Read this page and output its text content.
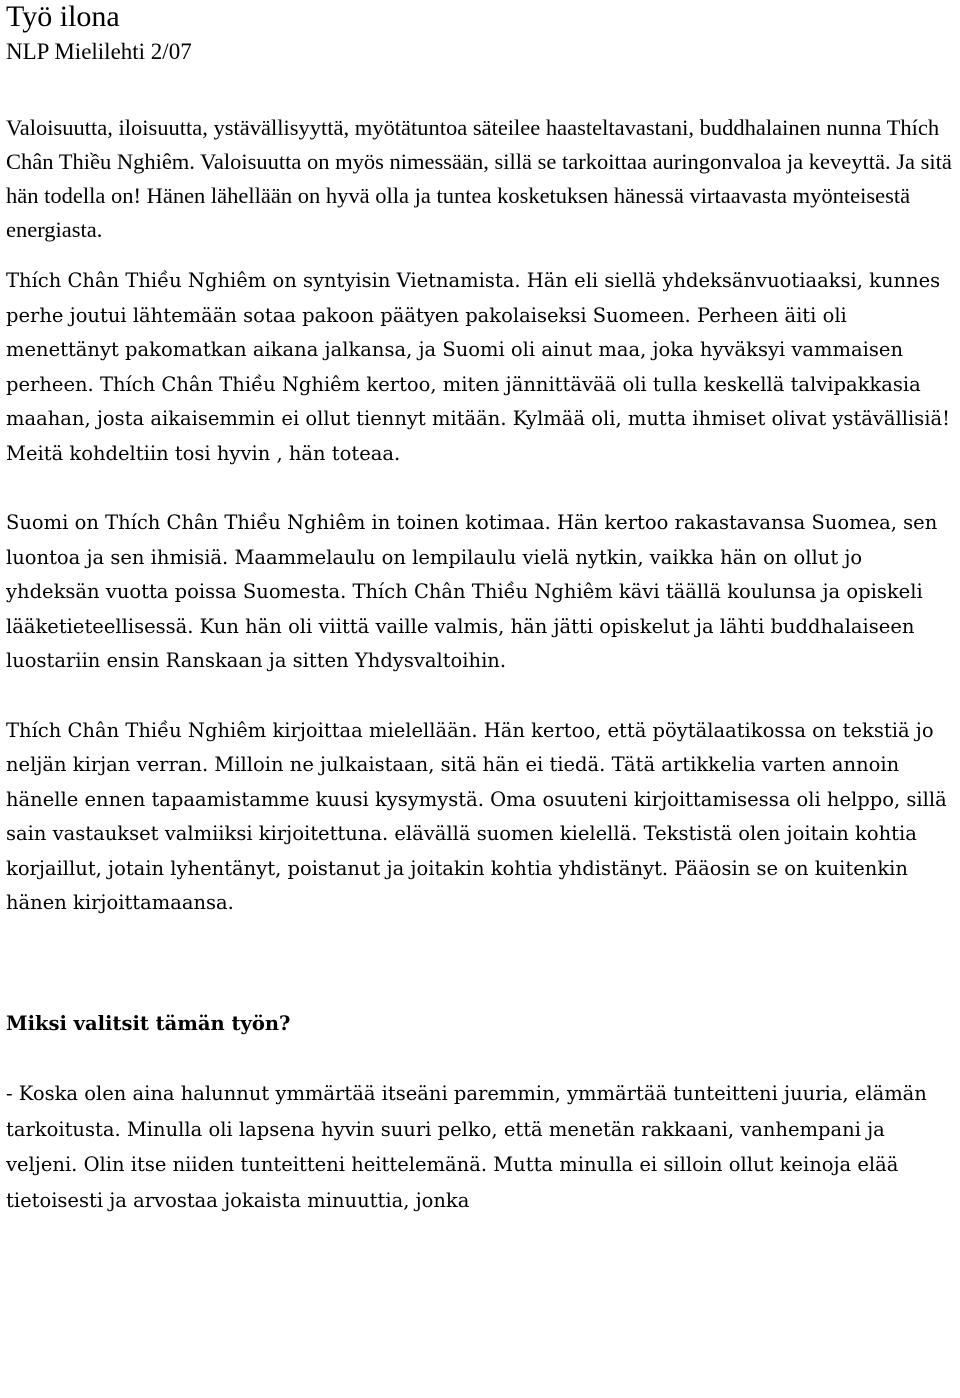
Työ ilona
NLP Mielilehti 2/07

Valoisuutta, iloisuutta, ystävällisyyttä, myötätuntoa säteilee haasteltavastani, buddhalainen nunna Thích Chân Thiều Nghiêm. Valoisuutta on myös nimessään, sillä se tarkoittaa auringonvaloa ja keveyttä. Ja sitä hän todella on! Hänen lähellään on hyvä olla ja tuntea kosketuksen hänessä virtaavasta myönteisestä energiasta.

Thích Chân Thiều Nghiêm on syntyisin Vietnamista. Hän eli siellä yhdeksänvuotiaaksi, kunnes perhe joutui lähtemään sotaa pakoon päätyen pakolaiseksi Suomeen. Perheen äiti oli menettänyt pakomatkan aikana jalkansa, ja Suomi oli ainut maa, joka hyväksyi vammaisen perheen. Thích Chân Thiều Nghiêm kertoo, miten jännittävää oli tulla keskellä talvipakkasia maahan, josta aikaisemmin ei ollut tiennyt mitään. Kylmää oli, mutta ihmiset olivat ystävällisiä! Meitä kohdeltiin tosi hyvin , hän toteaa.

Suomi on Thích Chân Thiều Nghiêm in toinen kotimaa. Hän kertoo rakastavansa Suomea, sen luontoa ja sen ihmisiä. Maammelaulu on lempilaulu vielä nytkin, vaikka hän on ollut jo yhdeksän vuotta poissa Suomesta. Thích Chân Thiều Nghiêm kävi täällä koulunsa ja opiskeli lääketieteellisessä. Kun hän oli viittä vaille valmis, hän jätti opiskelut ja lähti buddhalaiseen luostariin ensin Ranskaan ja sitten Yhdysvaltoihin.

Thích Chân Thiều Nghiêm kirjoittaa mielellään. Hän kertoo, että pöytälaatikossa on tekstiä jo neljän kirjan verran. Milloin ne julkaistaan, sitä hän ei tiedä. Tätä artikkelia varten annoin hänelle ennen tapaamistamme kuusi kysymystä. Oma osuuteni kirjoittamisessa oli helppo, sillä sain vastaukset valmiiksi kirjoitettuna. elävällä suomen kielellä. Tekstistä olen joitain kohtia korjaillut, jotain lyhentänyt, poistanut ja joitakin kohtia yhdistänyt. Pääosin se on kuitenkin hänen kirjoittamaansa.

Miksi valitsit tämän työn?

- Koska olen aina halunnut ymmärtää itseäni paremmin, ymmärtää tunteitteni juuria, elämän tarkoitusta. Minulla oli lapsena hyvin suuri pelko, että menetän rakkaani, vanhempani ja veljeni. Olin itse niiden tunteitteni heittelemänä. Mutta minulla ei silloin ollut keinoja elää tietoisesti ja arvostaa jokaista minuuttia, jonka
